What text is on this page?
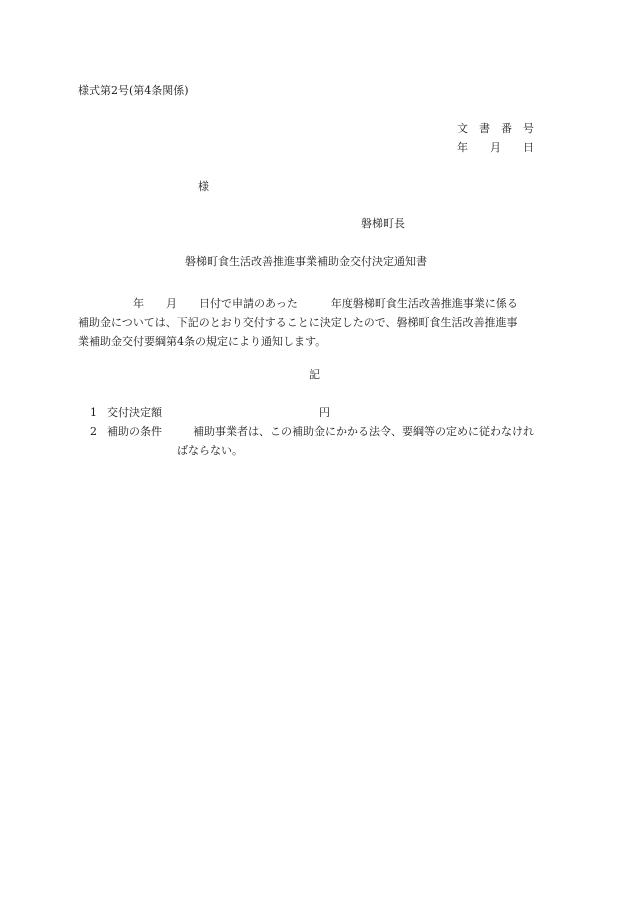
様式第2号(第4条関係)
文　書　番　号
年　　月　　日
様
磐梯町長
磐梯町食生活改善推進事業補助金交付決定通知書
　　　　　年　　月　　日付で申請のあった　　　年度磐梯町食生活改善推進事業に係る
補助金については、下記のとおり交付することに決定したので、磐梯町食生活改善推進事
業補助金交付要綱第4条の規定により通知します。
記
1 交付決定額	円
2 補助の条件	補助事業者は、この補助金にかかる法令、要綱等の定めに従わなけれ
ばならない。
